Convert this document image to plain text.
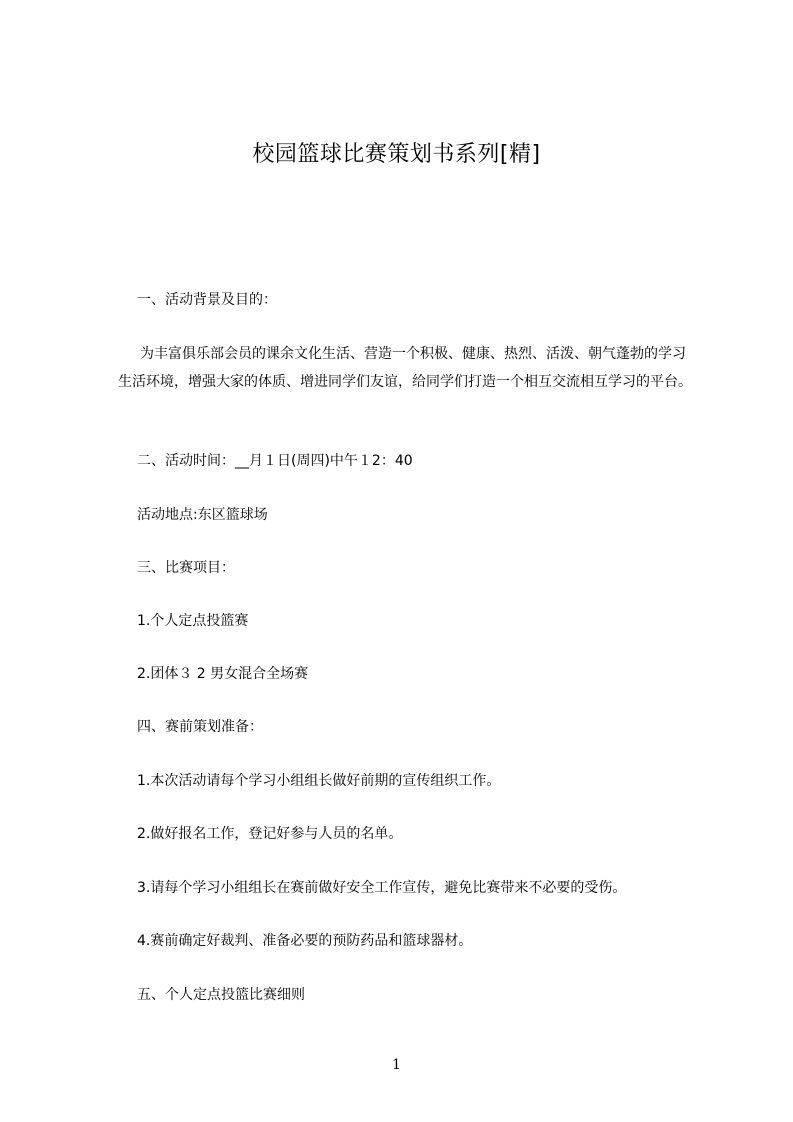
校园篮球比赛策划书系列[精]
一、活动背景及目的：
为丰富俱乐部会员的课余文化生活、营造一个积极、健康、热烈、活泼、朝气蓬勃的学习生活环境，增强大家的体质、增进同学们友谊，给同学们打造一个相互交流相互学习的平台。
二、活动时间：__月１日(周四)中午１2：40
活动地点:东区篮球场
三、比赛项目：
1.个人定点投篮赛
2.团体３ 2 男女混合全场赛
四、赛前策划准备：
1.本次活动请每个学习小组组长做好前期的宣传组织工作。
2.做好报名工作，登记好参与人员的名单。
3.请每个学习小组组长在赛前做好安全工作宣传，避免比赛带来不必要的受伤。
4.赛前确定好裁判、准备必要的预防药品和篮球器材。
五、个人定点投篮比赛细则
1
